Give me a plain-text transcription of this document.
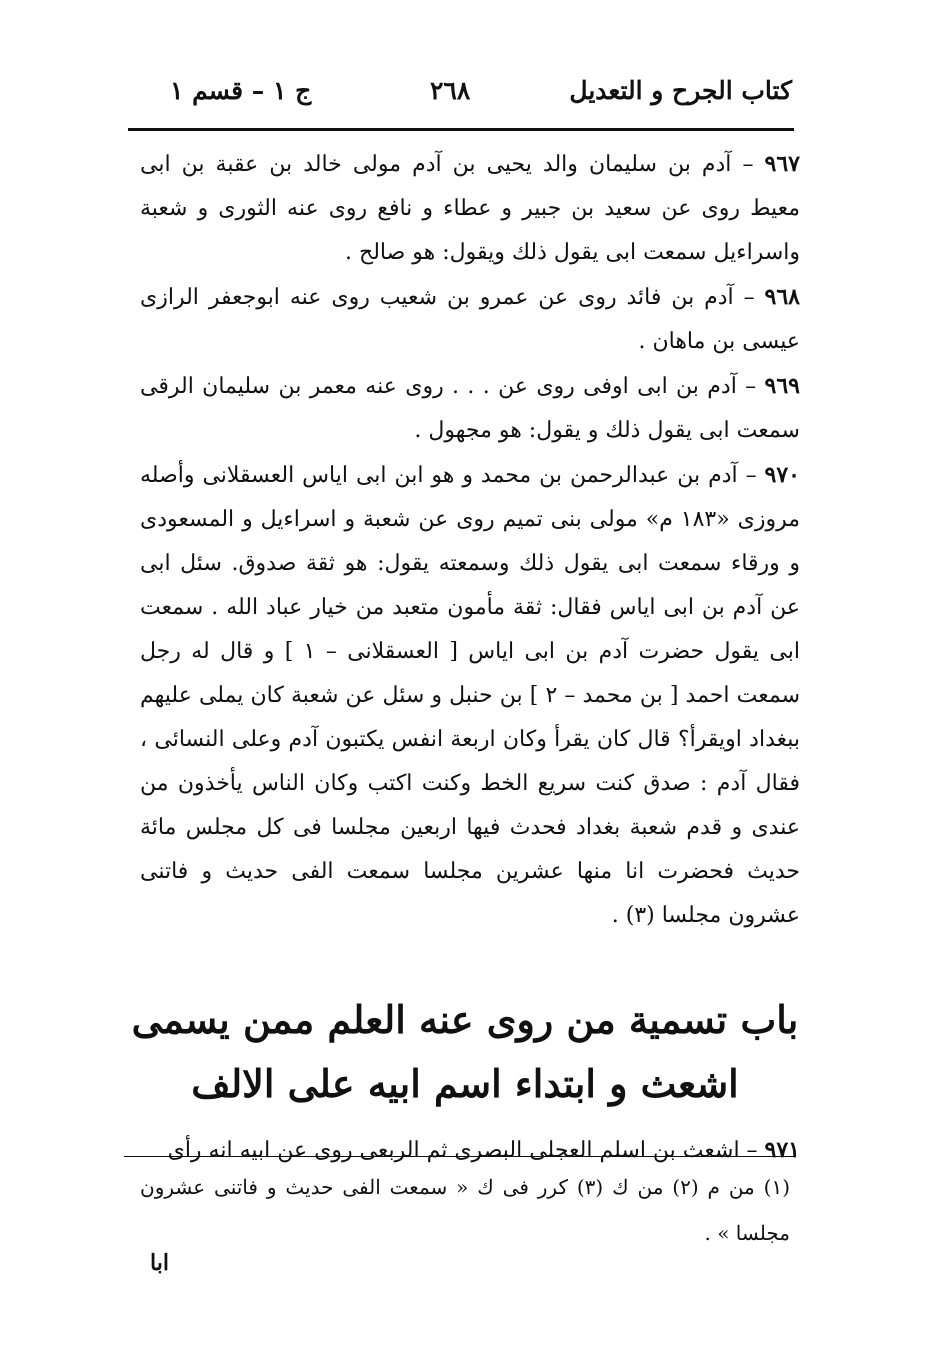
كتاب الجرح و التعديل
٢٦٨
ج ١ – قسم ١

٩٦٧ – آدم بن سليمان والد يحيى بن آدم مولى خالد بن عقبة بن ابى معيط روى عن سعيد بن جبير و عطاء و نافع روى عنه الثورى و شعبة واسراءيل سمعت ابى يقول ذلك ويقول: هو صالح .

٩٦٨ – آدم بن فائد روى عن عمرو بن شعيب روى عنه ابوجعفر الرازى عيسى بن ماهان .

٩٦٩ – آدم بن ابى اوفى روى عن . . . روى عنه معمر بن سليمان الرقى سمعت ابى يقول ذلك و يقول: هو مجهول .

٩٧٠ – آدم بن عبدالرحمن بن محمد و هو ابن ابى اياس العسقلانى وأصله مروزى «١٨٣ م» مولى بنى تميم روى عن شعبة و اسراءيل و المسعودى و ورقاء سمعت ابى يقول ذلك وسمعته يقول: هو ثقة صدوق. سئل ابى عن آدم بن ابى اياس فقال: ثقة مأمون متعبد من خيار عباد الله . سمعت ابى يقول حضرت آدم بن ابى اياس [ العسقلانى – ١ ] و قال له رجل سمعت احمد [ بن محمد – ٢ ] بن حنبل و سئل عن شعبة كان يملى عليهم ببغداد اويقرأ؟ قال كان يقرأ وكان اربعة انفس يكتبون آدم وعلى النسائى ، فقال آدم : صدق كنت سريع الخط وكنت اكتب وكان الناس يأخذون من عندى و قدم شعبة بغداد فحدث فيها اربعين مجلسا فى كل مجلس مائة حديث فحضرت انا منها عشرين مجلسا سمعت الفى حديث و فاتنى عشرون مجلسا (٣) .

باب تسمية من روى عنه العلم ممن يسمى
اشعث و ابتداء اسم ابيه على الالف

٩٧١ – اشعث بن اسلم العجلى البصرى ثم الربعى روى عن ابيه انه رأى

(١) من م (٢) من ك (٣) كرر فى ك « سمعت الفى حديث و فاتنى عشرون مجلسا » .
ابا
